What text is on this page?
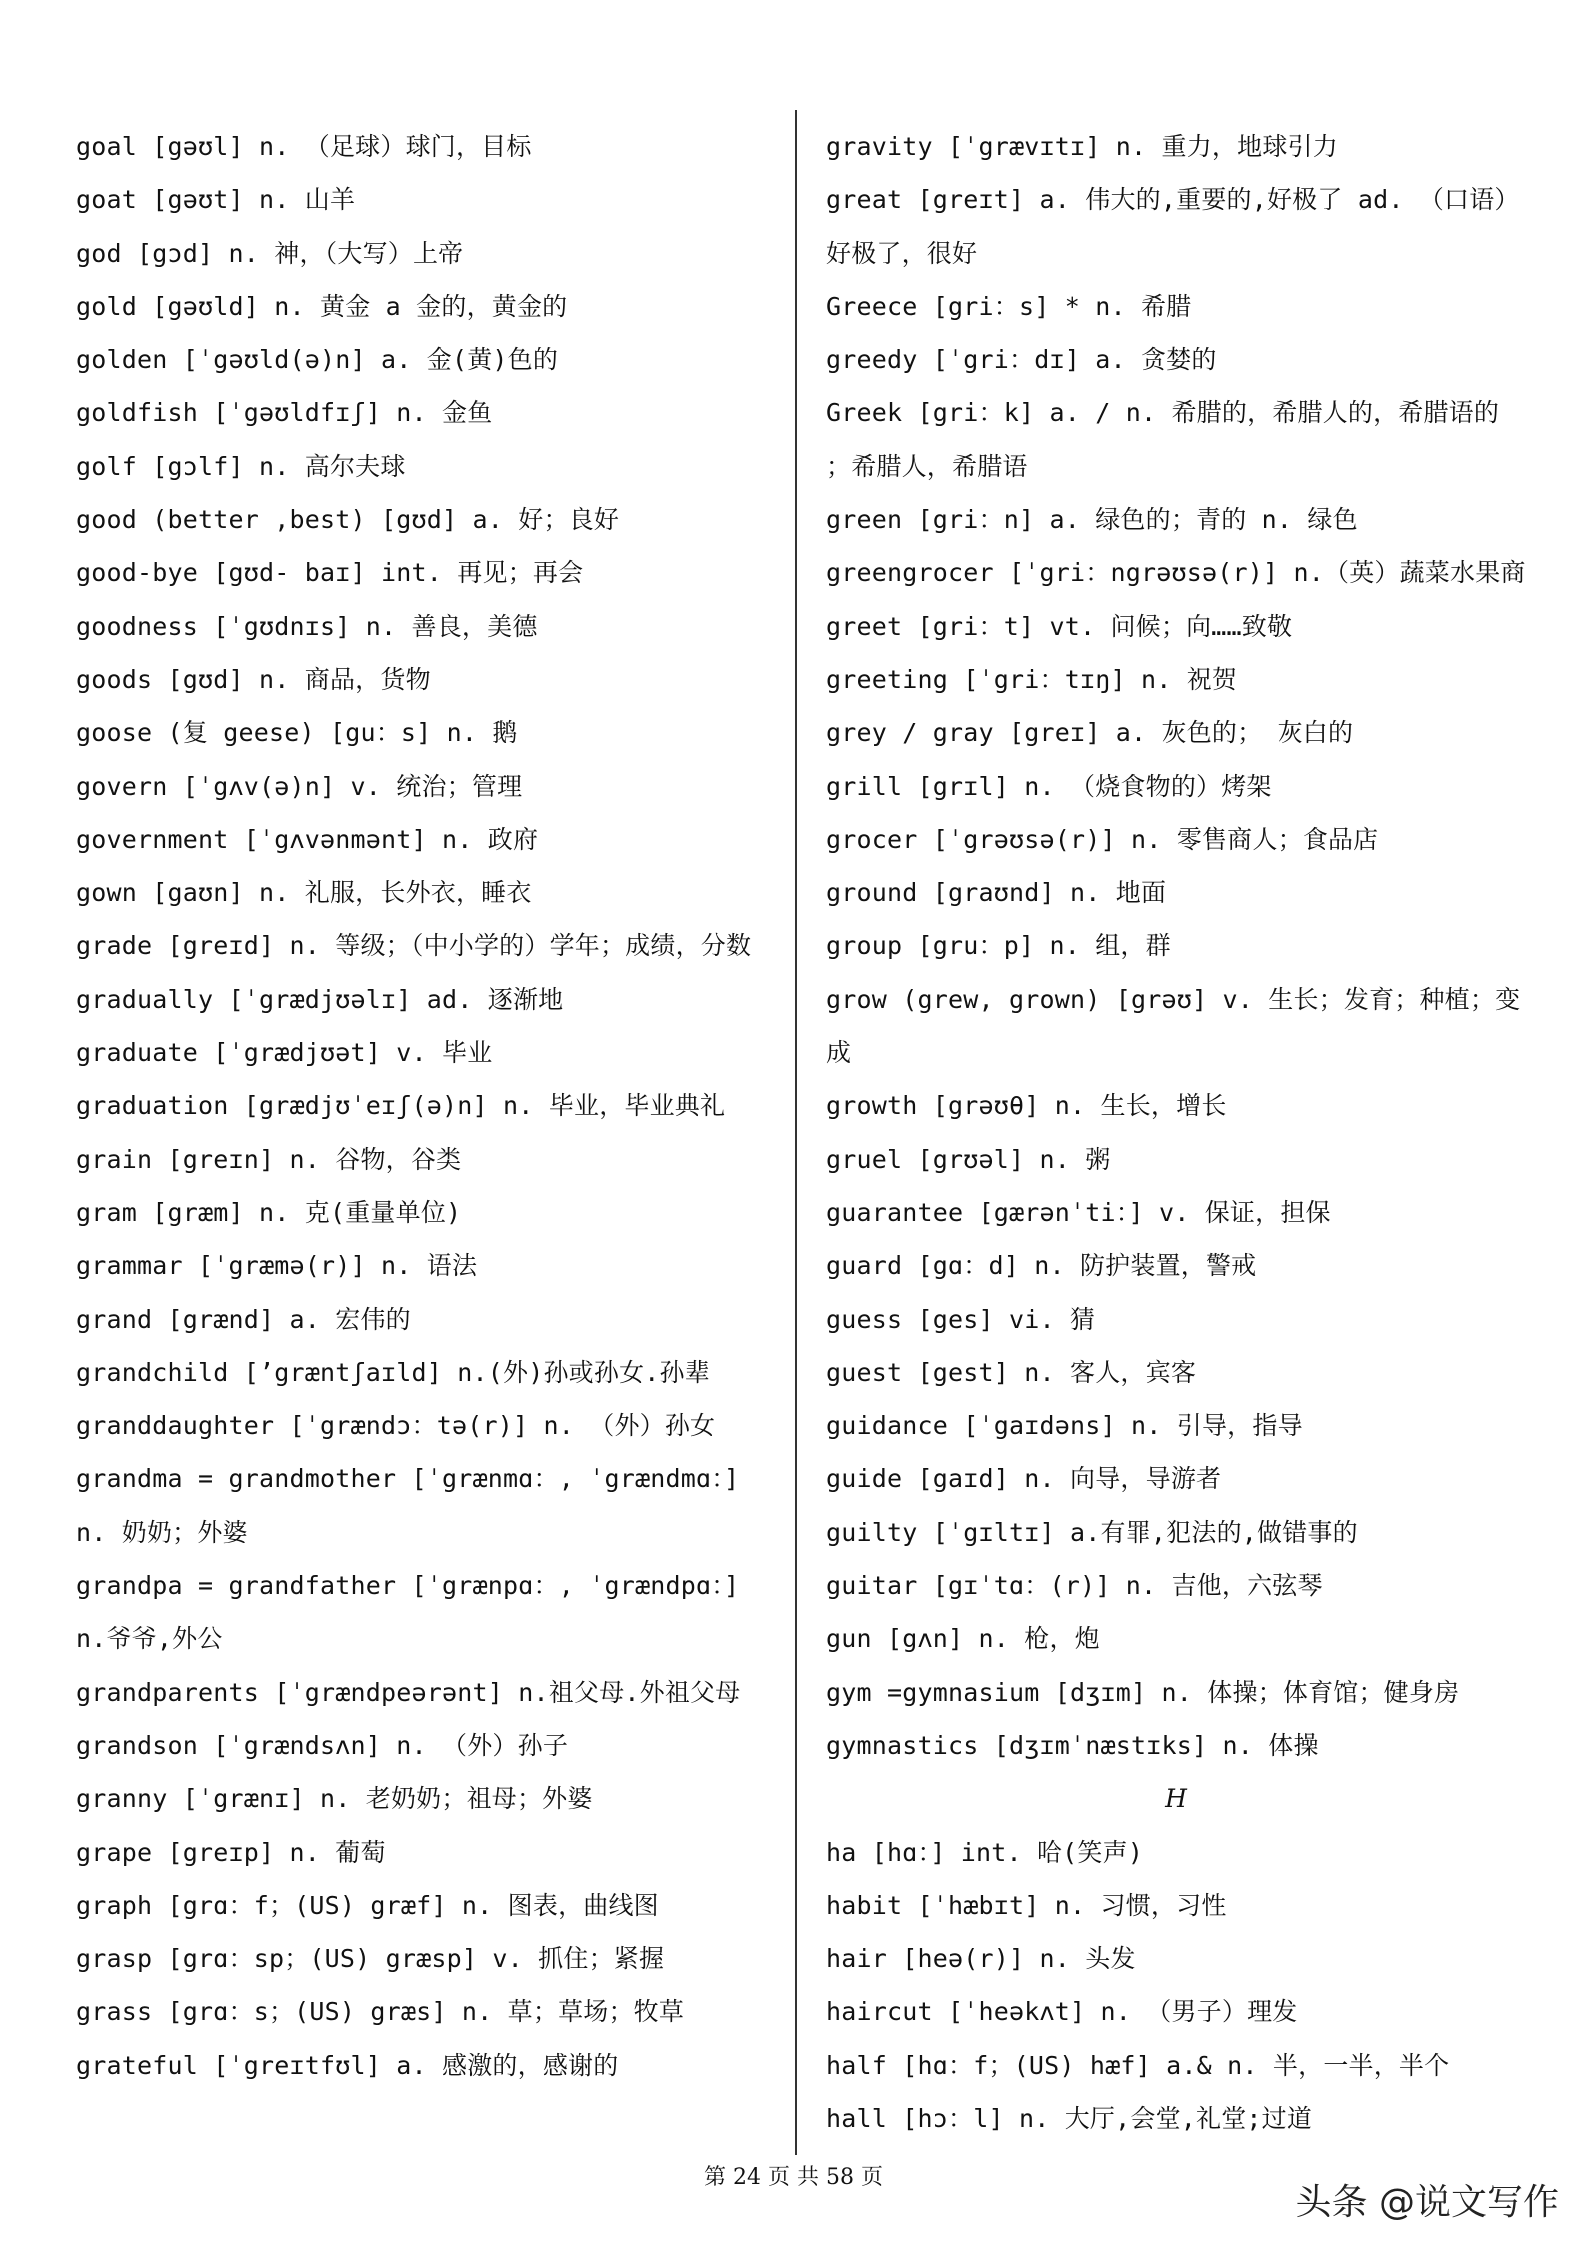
goal [gəʊl] n. （足球）球门，目标
goat [gəʊt] n. 山羊
god [gɔd] n. 神，（大写）上帝
gold [gəʊld] n. 黄金 a 金的，黄金的
golden [ˈgəʊld(ə)n] a. 金(黄)色的
goldfish [ˈgəʊldfɪʃ] n. 金鱼
golf [gɔlf] n. 高尔夫球
good (better ,best) [gʊd] a. 好；良好
good-bye [gʊd- baɪ] int. 再见；再会
goodness [ˈgʊdnɪs] n. 善良，美德
goods [gʊd] n. 商品，货物
goose (复 geese) [gu：s] n. 鹅
govern [ˈgʌv(ə)n] v. 统治；管理
government [ˈgʌvənmənt] n. 政府
gown [gaʊn] n. 礼服，长外衣，睡衣
grade [greɪd] n. 等级；（中小学的）学年；成绩，分数
gradually [ˈgrædjʊəlɪ] ad. 逐渐地
graduate [ˈgrædjʊət] v. 毕业
graduation [grædjʊˈeɪʃ(ə)n] n. 毕业，毕业典礼
grain [greɪn] n. 谷物，谷类
gram [græm] n. 克(重量单位)
grammar [ˈgræmə(r)] n. 语法
grand [grænd] a. 宏伟的
grandchild [’græntʃaɪld] n.(外)孙或孙女.孙辈
granddaughter [ˈgrændɔ：tə(r)] n. （外）孙女
grandma = grandmother [ˈgrænmɑ：, ˈgrændmɑ：] n. 奶奶；外婆
grandpa = grandfather [ˈgrænpɑ：, ˈgrændpɑ：] n.爷爷,外公
grandparents [ˈgrændpeərənt] n.祖父母.外祖父母
grandson [ˈgrændsʌn] n. （外）孙子
granny [ˈgrænɪ] n. 老奶奶；祖母；外婆
grape [greɪp] n. 葡萄
graph [grɑ：f；(US) græf] n. 图表，曲线图
grasp [grɑ：sp；(US) græsp] v. 抓住；紧握
grass [grɑ：s；(US) græs] n. 草；草场；牧草
grateful [ˈgreɪtfʊl] a. 感激的，感谢的
gravity [ˈgrævɪtɪ] n. 重力，地球引力
great [greɪt] a. 伟大的,重要的,好极了 ad. （口语）好极了，很好
Greece [gri：s] * n. 希腊
greedy [ˈgri：dɪ] a. 贪婪的
Greek [gri：k] a. / n. 希腊的，希腊人的，希腊语的 ；希腊人，希腊语
green [gri：n] a. 绿色的；青的 n. 绿色
greengrocer [ˈgri：ngrəʊsə(r)] n.（英）蔬菜水果商
greet [gri：t] vt. 问候；向……致敬
greeting [ˈgri：tɪŋ] n. 祝贺
grey / gray [greɪ] a. 灰色的； 灰白的
grill [grɪl] n. （烧食物的）烤架
grocer [ˈgrəʊsə(r)] n. 零售商人；食品店
ground [graʊnd] n. 地面
group [gru：p] n. 组，群
grow (grew, grown) [grəʊ] v. 生长；发育；种植；变成
growth [grəʊθ] n. 生长，增长
gruel [grʊəl] n. 粥
guarantee [gærənˈti：] v. 保证，担保
guard [gɑ：d] n. 防护装置，警戒
guess [ges] vi. 猜
guest [gest] n. 客人，宾客
guidance [ˈgaɪdəns] n. 引导，指导
guide [gaɪd] n. 向导，导游者
guilty [ˈgɪltɪ] a.有罪,犯法的,做错事的
guitar [gɪˈtɑ：(r)] n. 吉他，六弦琴
gun [gʌn] n. 枪，炮
gym =gymnasium [dʒɪm] n. 体操；体育馆；健身房
gymnastics [dʒɪmˈnæstɪks] n. 体操
H
ha [hɑ：] int. 哈(笑声)
habit [ˈhæbɪt] n. 习惯，习性
hair [heə(r)] n. 头发
haircut [ˈheəkʌt] n. （男子）理发
half [hɑ：f；(US) hæf] a.& n. 半，一半，半个
hall [hɔ：l] n. 大厅,会堂,礼堂;过道
第 24 页 共 58 页
头条 @说文写作
